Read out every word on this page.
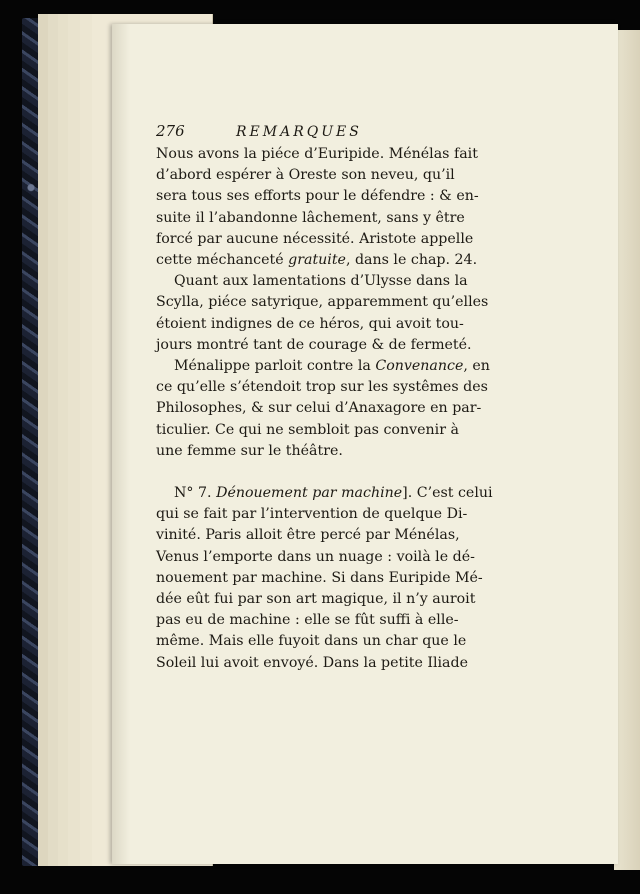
276	REMARQUES

Nous avons la piéce d’Euripide. Ménélas fait
d’abord espérer à Oreste son neveu, qu’il
sera tous ses efforts pour le défendre : & en-
suite il l’abandonne lâchement, sans y être
forcé par aucune nécessité. Aristote appelle
cette méchanceté gratuite, dans le chap. 24.

Quant aux lamentations d’Ulysse dans la
Scylla, piéce satyrique, apparemment qu’elles
étoient indignes de ce héros, qui avoit tou-
jours montré tant de courage & de fermeté.

Ménalippe parloit contre la Convenance, en
ce qu’elle s’étendoit trop sur les systêmes des
Philosophes, & sur celui d’Anaxagore en par-
ticulier. Ce qui ne sembloit pas convenir à
une femme sur le théâtre.

N° 7. Dénouement par machine]. C’est celui
qui se fait par l’intervention de quelque Di-
vinité. Paris alloit être percé par Ménélas,
Venus l’emporte dans un nuage : voilà le dé-
nouement par machine. Si dans Euripide Mé-
dée eût fui par son art magique, il n’y auroit
pas eu de machine : elle se fût suffi à elle-
même. Mais elle fuyoit dans un char que le
Soleil lui avoit envoyé. Dans la petite Iliade
